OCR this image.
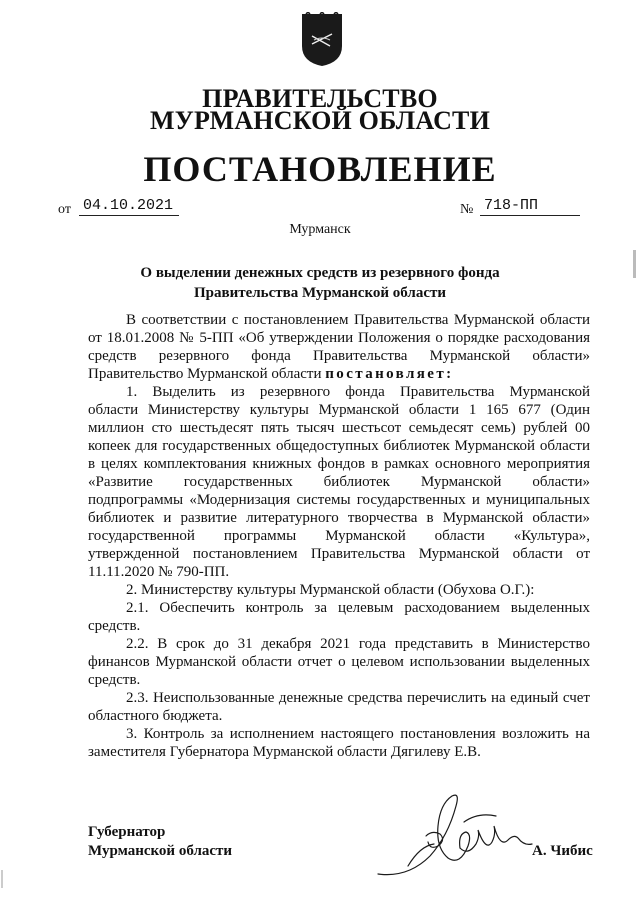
ПРАВИТЕЛЬСТВО
МУРМАНСКОЙ ОБЛАСТИ
ПОСТАНОВЛЕНИЕ
от 04.10.2021	№ 718-ПП
Мурманск
О выделении денежных средств из резервного фонда
Правительства Мурманской области
В соответствии с постановлением Правительства Мурманской области
от 18.01.2008 № 5-ПП «Об утверждении Положения о порядке расходования
средств резервного фонда Правительства Мурманской области»
Правительство Мурманской области постановляет:
1. Выделить из резервного фонда Правительства Мурманской
области Министерству культуры Мурманской области 1 165 677 (Один
миллион сто шестьдесят пять тысяч шестьсот семьдесят семь) рублей 00
копеек для государственных общедоступных библиотек Мурманской области
в целях комплектования книжных фондов в рамках основного мероприятия
«Развитие государственных библиотек Мурманской области»
подпрограммы «Модернизация системы государственных и муниципальных
библиотек и развитие литературного творчества в Мурманской области»
государственной программы Мурманской области «Культура»,
утвержденной постановлением Правительства Мурманской области от
11.11.2020 № 790-ПП.
2. Министерству культуры Мурманской области (Обухова О.Г.):
2.1. Обеспечить контроль за целевым расходованием выделенных
средств.
2.2. В срок до 31 декабря 2021 года представить в Министерство
финансов Мурманской области отчет о целевом использовании выделенных
средств.
2.3. Неиспользованные денежные средства перечислить на единый счет
областного бюджета.
3. Контроль за исполнением настоящего постановления возложить на
заместителя Губернатора Мурманской области Дягилеву Е.В.
Губернатор
Мурманской области	А. Чибис
